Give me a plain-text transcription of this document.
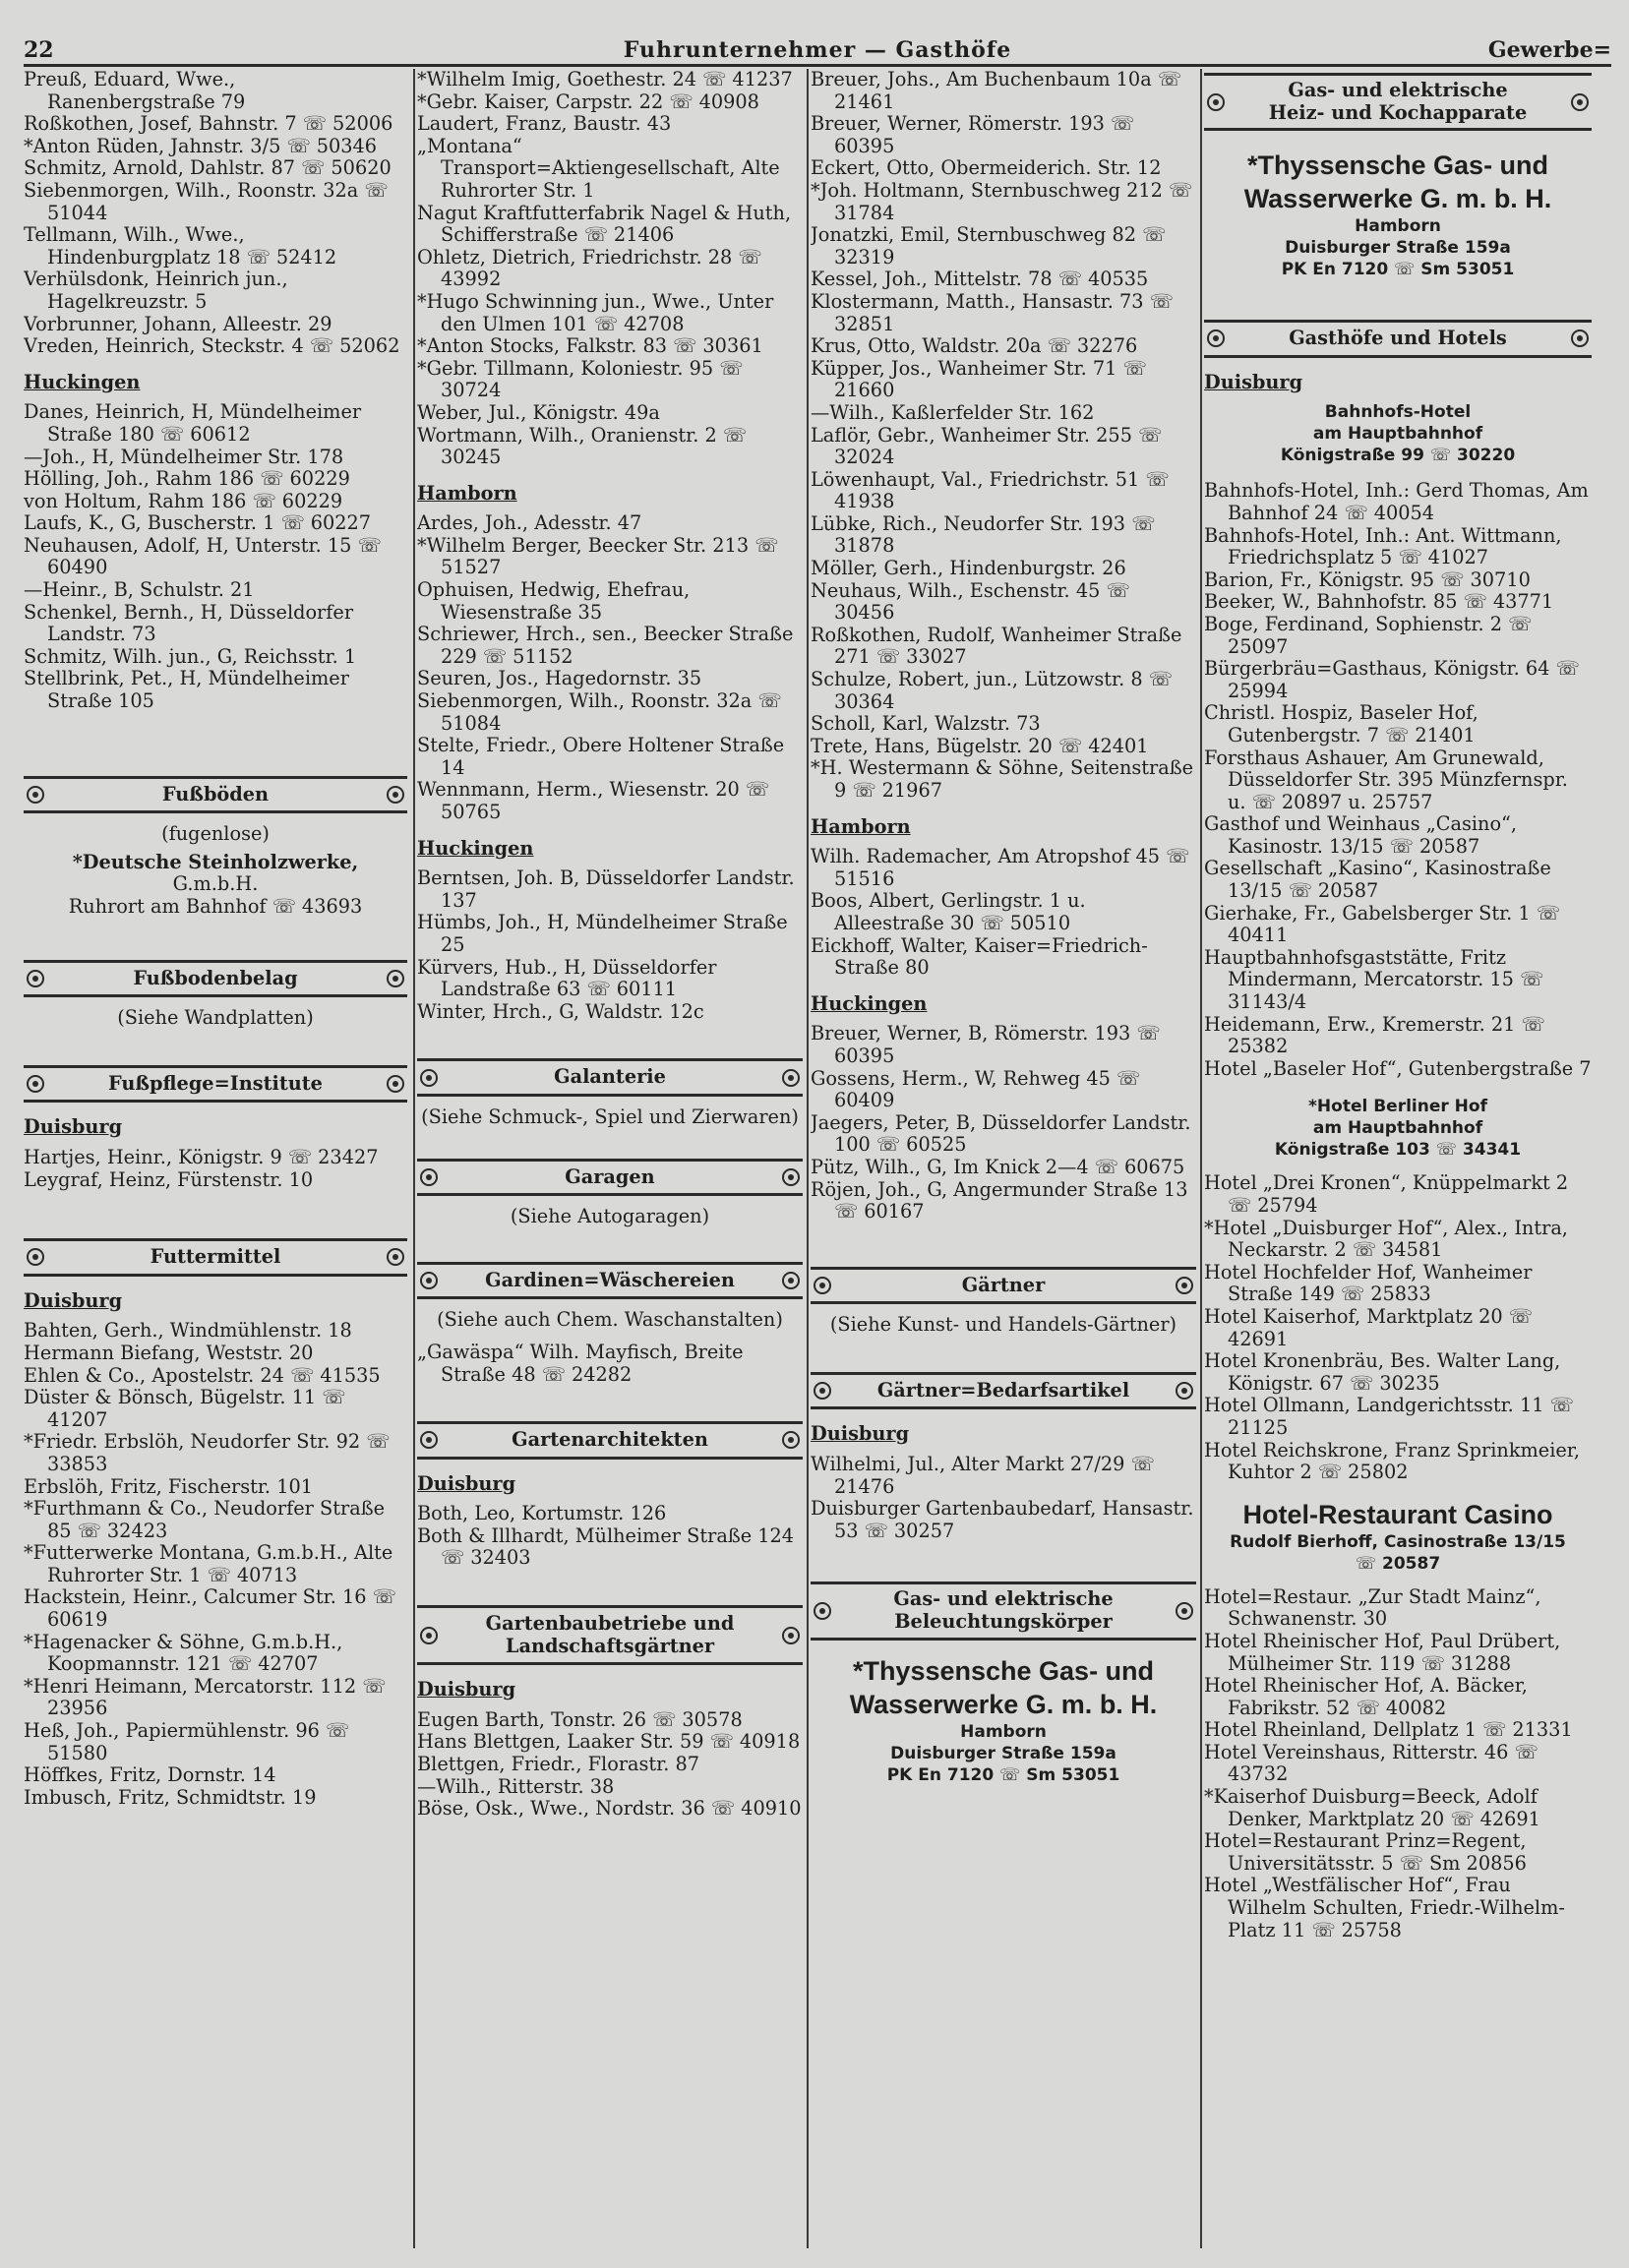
22	Fuhrunternehmer — Gasthöfe	Gewerbe=
Preuß, Eduard, Wwe., Ranenbergstraße 79
Roßkothen, Josef, Bahnstr. 7 ☏ 52006
*Anton Rüden, Jahnstr. 3/5 ☏ 50346
Schmitz, Arnold, Dahlstr. 87 ☏ 50620
Siebenmorgen, Wilh., Roonstr. 32a ☏ 51044
Tellmann, Wilh., Wwe., Hindenburgplatz 18 ☏ 52412
Verhülsdonk, Heinrich jun., Hagelkreuzstr. 5
Vorbrunner, Johann, Alleestr. 29
Vreden, Heinrich, Steckstr. 4 ☏ 52062
Huckingen
Danes, Heinrich, H, Mündelheimer Straße 180 ☏ 60612
—Joh., H, Mündelheimer Str. 178
Hölling, Joh., Rahm 186 ☏ 60229
von Holtum, Rahm 186 ☏ 60229
Laufs, K., G, Buscherstr. 1 ☏ 60227
Neuhausen, Adolf, H, Unterstr. 15 ☏ 60490
—Heinr., B, Schulstr. 21
Schenkel, Bernh., H, Düsseldorfer Landstr. 73
Schmitz, Wilh. jun., G, Reichsstr. 1
Stellbrink, Pet., H, Mündelheimer Straße 105
Fußböden
(fugenlose)
*Deutsche Steinholzwerke,
G.m.b.H.
Ruhrort am Bahnhof ☏ 43693
Fußbodenbelag
(Siehe Wandplatten)
Fußpflege=Institute
Duisburg
Hartjes, Heinr., Königstr. 9 ☏ 23427
Leygraf, Heinz, Fürstenstr. 10
Futtermittel
Duisburg
Bahten, Gerh., Windmühlenstr. 18
Hermann Biefang, Weststr. 20
Ehlen & Co., Apostelstr. 24 ☏ 41535
Düster & Bönsch, Bügelstr. 11 ☏ 41207
*Friedr. Erbslöh, Neudorfer Str. 92 ☏ 33853
Erbslöh, Fritz, Fischerstr. 101
*Furthmann & Co., Neudorfer Straße 85 ☏ 32423
*Futterwerke Montana, G.m.b.H., Alte Ruhrorter Str. 1 ☏ 40713
Hackstein, Heinr., Calcumer Str. 16 ☏ 60619
*Hagenacker & Söhne, G.m.b.H., Koopmannstr. 121 ☏ 42707
*Henri Heimann, Mercatorstr. 112 ☏ 23956
Heß, Joh., Papiermühlenstr. 96 ☏ 51580
Höffkes, Fritz, Dornstr. 14
Imbusch, Fritz, Schmidtstr. 19
*Wilhelm Imig, Goethestr. 24 ☏ 41237
*Gebr. Kaiser, Carpstr. 22 ☏ 40908
Laudert, Franz, Baustr. 43
„Montana“ Transport=Aktiengesellschaft, Alte Ruhrorter Str. 1
Nagut Kraftfutterfabrik Nagel & Huth, Schifferstraße ☏ 21406
Ohletz, Dietrich, Friedrichstr. 28 ☏ 43992
*Hugo Schwinning jun., Wwe., Unter den Ulmen 101 ☏ 42708
*Anton Stocks, Falkstr. 83 ☏ 30361
*Gebr. Tillmann, Koloniestr. 95 ☏ 30724
Weber, Jul., Königstr. 49a
Wortmann, Wilh., Oranienstr. 2 ☏ 30245
Hamborn
Ardes, Joh., Adesstr. 47
*Wilhelm Berger, Beecker Str. 213 ☏ 51527
Ophuisen, Hedwig, Ehefrau, Wiesenstraße 35
Schriewer, Hrch., sen., Beecker Straße 229 ☏ 51152
Seuren, Jos., Hagedornstr. 35
Siebenmorgen, Wilh., Roonstr. 32a ☏ 51084
Stelte, Friedr., Obere Holtener Straße 14
Wennmann, Herm., Wiesenstr. 20 ☏ 50765
Huckingen
Berntsen, Joh. B, Düsseldorfer Landstr. 137
Hümbs, Joh., H, Mündelheimer Straße 25
Kürvers, Hub., H, Düsseldorfer Landstraße 63 ☏ 60111
Winter, Hrch., G, Waldstr. 12c
Galanterie
(Siehe Schmuck-, Spiel und Zierwaren)
Garagen
(Siehe Autogaragen)
Gardinen=Wäschereien
(Siehe auch Chem. Waschanstalten)
„Gawäspa“ Wilh. Mayfisch, Breite Straße 48 ☏ 24282
Gartenarchitekten
Duisburg
Both, Leo, Kortumstr. 126
Both & Illhardt, Mülheimer Straße 124 ☏ 32403
Gartenbaubetriebe und Landschaftsgärtner
Duisburg
Eugen Barth, Tonstr. 26 ☏ 30578
Hans Blettgen, Laaker Str. 59 ☏ 40918
Blettgen, Friedr., Florastr. 87
—Wilh., Ritterstr. 38
Böse, Osk., Wwe., Nordstr. 36 ☏ 40910
Breuer, Johs., Am Buchenbaum 10a ☏ 21461
Breuer, Werner, Römerstr. 193 ☏ 60395
Eckert, Otto, Obermeiderich. Str. 12
*Joh. Holtmann, Sternbuschweg 212 ☏ 31784
Jonatzki, Emil, Sternbuschweg 82 ☏ 32319
Kessel, Joh., Mittelstr. 78 ☏ 40535
Klostermann, Matth., Hansastr. 73 ☏ 32851
Krus, Otto, Waldstr. 20a ☏ 32276
Küpper, Jos., Wanheimer Str. 71 ☏ 21660
—Wilh., Kaßlerfelder Str. 162
Laflör, Gebr., Wanheimer Str. 255 ☏ 32024
Löwenhaupt, Val., Friedrichstr. 51 ☏ 41938
Lübke, Rich., Neudorfer Str. 193 ☏ 31878
Möller, Gerh., Hindenburgstr. 26
Neuhaus, Wilh., Eschenstr. 45 ☏ 30456
Roßkothen, Rudolf, Wanheimer Straße 271 ☏ 33027
Schulze, Robert, jun., Lützowstr. 8 ☏ 30364
Scholl, Karl, Walzstr. 73
Trete, Hans, Bügelstr. 20 ☏ 42401
*H. Westermann & Söhne, Seitenstraße 9 ☏ 21967
Hamborn
Wilh. Rademacher, Am Atropshof 45 ☏ 51516
Boos, Albert, Gerlingstr. 1 u. Alleestraße 30 ☏ 50510
Eickhoff, Walter, Kaiser=Friedrich-Straße 80
Huckingen
Breuer, Werner, B, Römerstr. 193 ☏ 60395
Gossens, Herm., W, Rehweg 45 ☏ 60409
Jaegers, Peter, B, Düsseldorfer Landstr. 100 ☏ 60525
Pütz, Wilh., G, Im Knick 2—4 ☏ 60675
Röjen, Joh., G, Angermunder Straße 13 ☏ 60167
Gärtner
(Siehe Kunst- und Handels-Gärtner)
Gärtner=Bedarfsartikel
Duisburg
Wilhelmi, Jul., Alter Markt 27/29 ☏ 21476
Duisburger Gartenbaubedarf, Hansastr. 53 ☏ 30257
Gas- und elektrische
Beleuchtungskörper
*Thyssensche Gas- und
Wasserwerke G. m. b. H.
Hamborn
Duisburger Straße 159a
PK En 7120 ☏ Sm 53051
Gas- und elektrische
Heiz- und Kochapparate
*Thyssensche Gas- und
Wasserwerke G. m. b. H.
Hamborn
Duisburger Straße 159a
PK En 7120 ☏ Sm 53051
Gasthöfe und Hotels
Duisburg
Bahnhofs-Hotel
am Hauptbahnhof
Königstraße 99 ☏ 30220
Bahnhofs-Hotel, Inh.: Gerd Thomas, Am Bahnhof 24 ☏ 40054
Bahnhofs-Hotel, Inh.: Ant. Wittmann, Friedrichsplatz 5 ☏ 41027
Barion, Fr., Königstr. 95 ☏ 30710
Beeker, W., Bahnhofstr. 85 ☏ 43771
Boge, Ferdinand, Sophienstr. 2 ☏ 25097
Bürgerbräu=Gasthaus, Königstr. 64 ☏ 25994
Christl. Hospiz, Baseler Hof, Gutenbergstr. 7 ☏ 21401
Forsthaus Ashauer, Am Grunewald, Düsseldorfer Str. 395 Münzfernspr. u. ☏ 20897 u. 25757
Gasthof und Weinhaus „Casino“, Kasinostr. 13/15 ☏ 20587
Gesellschaft „Kasino“, Kasinostraße 13/15 ☏ 20587
Gierhake, Fr., Gabelsberger Str. 1 ☏ 40411
Hauptbahnhofsgaststätte, Fritz Mindermann, Mercatorstr. 15 ☏ 31143/4
Heidemann, Erw., Kremerstr. 21 ☏ 25382
Hotel „Baseler Hof“, Gutenbergstraße 7
*Hotel Berliner Hof
am Hauptbahnhof
Königstraße 103 ☏ 34341
Hotel „Drei Kronen“, Knüppelmarkt 2 ☏ 25794
*Hotel „Duisburger Hof“, Alex., Intra, Neckarstr. 2 ☏ 34581
Hotel Hochfelder Hof, Wanheimer Straße 149 ☏ 25833
Hotel Kaiserhof, Marktplatz 20 ☏ 42691
Hotel Kronenbräu, Bes. Walter Lang, Königstr. 67 ☏ 30235
Hotel Ollmann, Landgerichtsstr. 11 ☏ 21125
Hotel Reichskrone, Franz Sprinkmeier, Kuhtor 2 ☏ 25802
Hotel-Restaurant Casino
Rudolf Bierhoff, Casinostraße 13/15
☏ 20587
Hotel=Restaur. „Zur Stadt Mainz“, Schwanenstr. 30
Hotel Rheinischer Hof, Paul Drübert, Mülheimer Str. 119 ☏ 31288
Hotel Rheinischer Hof, A. Bäcker, Fabrikstr. 52 ☏ 40082
Hotel Rheinland, Dellplatz 1 ☏ 21331
Hotel Vereinshaus, Ritterstr. 46 ☏ 43732
*Kaiserhof Duisburg=Beeck, Adolf Denker, Marktplatz 20 ☏ 42691
Hotel=Restaurant Prinz=Regent, Universitätsstr. 5 ☏ Sm 20856
Hotel „Westfälischer Hof“, Frau Wilhelm Schulten, Friedr.-Wilhelm-Platz 11 ☏ 25758
